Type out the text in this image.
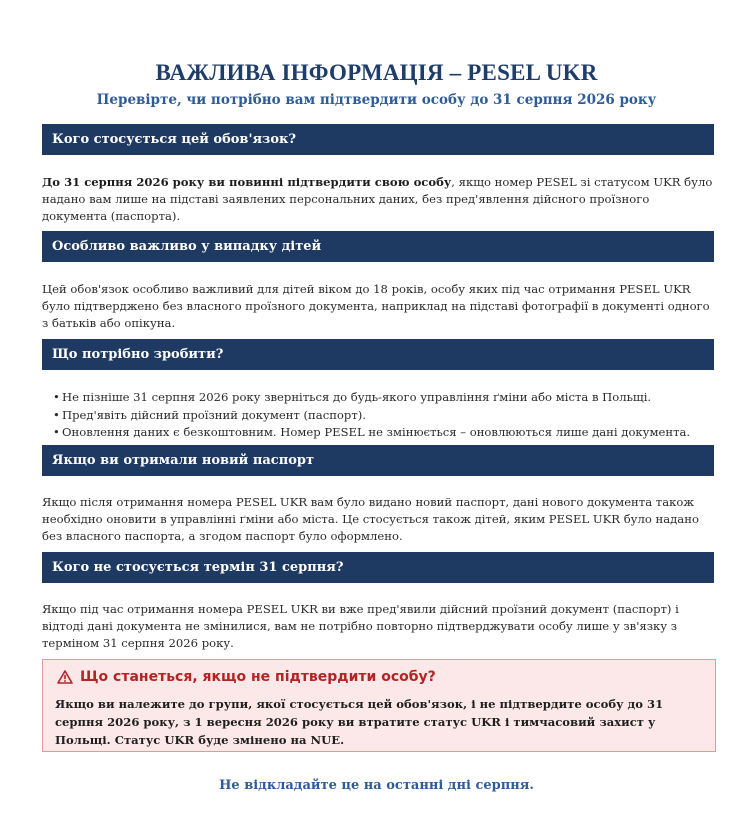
ВАЖЛИВА ІНФОРМАЦІЯ – PESEL UKR
Перевірте, чи потрібно вам підтвердити особу до 31 серпня 2026 року
Кого стосується цей обов'язок?
До 31 серпня 2026 року ви повинні підтвердити свою особу, якщо номер PESEL зі статусом UKR було надано вам лише на підставі заявлених персональних даних, без пред'явлення дійсного проїзного документа (паспорта).
Особливо важливо у випадку дітей
Цей обов'язок особливо важливий для дітей віком до 18 років, особу яких під час отримання PESEL UKR було підтверджено без власного проїзного документа, наприклад на підставі фотографії в документі одного з батьків або опікуна.
Що потрібно зробити?
• Не пізніше 31 серпня 2026 року зверніться до будь-якого управління ґміни або міста в Польщі.
• Пред'явіть дійсний проїзний документ (паспорт).
• Оновлення даних є безкоштовним. Номер PESEL не змінюється – оновлюються лише дані документа.
Якщо ви отримали новий паспорт
Якщо після отримання номера PESEL UKR вам було видано новий паспорт, дані нового документа також необхідно оновити в управлінні ґміни або міста. Це стосується також дітей, яким PESEL UKR було надано без власного паспорта, а згодом паспорт було оформлено.
Кого не стосується термін 31 серпня?
Якщо під час отримання номера PESEL UKR ви вже пред'явили дійсний проїзний документ (паспорт) і відтоді дані документа не змінилися, вам не потрібно повторно підтверджувати особу лише у зв'язку з терміном 31 серпня 2026 року.
Що станеться, якщо не підтвердити особу?
Якщо ви належите до групи, якої стосується цей обов'язок, і не підтвердите особу до 31 серпня 2026 року, з 1 вересня 2026 року ви втратите статус UKR і тимчасовий захист у Польщі. Статус UKR буде змінено на NUE.
Не відкладайте це на останні дні серпня.
